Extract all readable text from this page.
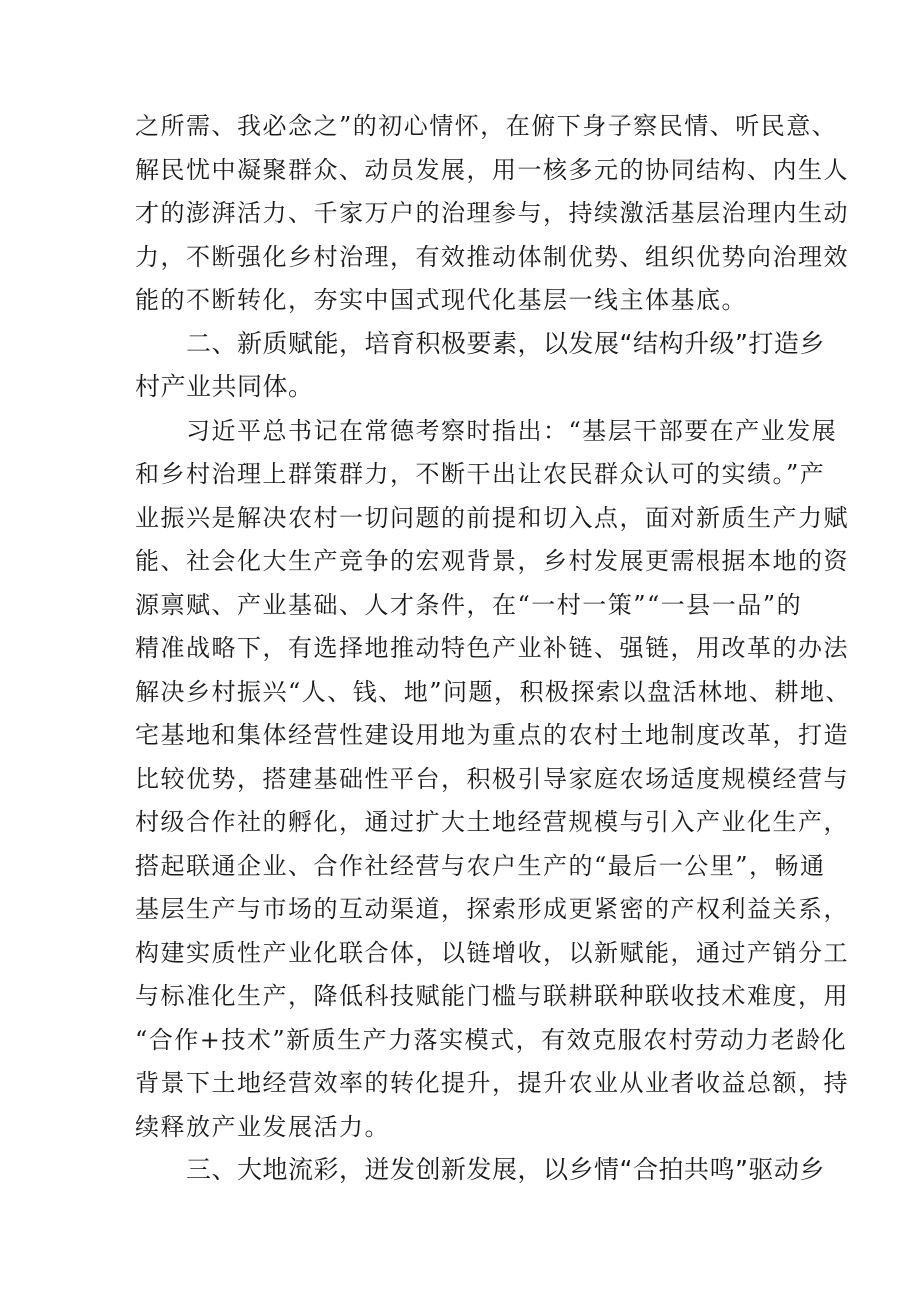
之所需、我必念之”的初心情怀，在俯下身子察民情、听民意、
解民忧中凝聚群众、动员发展，用一核多元的协同结构、内生人
才的澎湃活力、千家万户的治理参与，持续激活基层治理内生动
力，不断强化乡村治理，有效推动体制优势、组织优势向治理效
能的不断转化，夯实中国式现代化基层一线主体基底。
二、新质赋能，培育积极要素，以发展“结构升级”打造乡
村产业共同体。
习近平总书记在常德考察时指出：“基层干部要在产业发展
和乡村治理上群策群力，不断干出让农民群众认可的实绩。”产
业振兴是解决农村一切问题的前提和切入点，面对新质生产力赋
能、社会化大生产竞争的宏观背景，乡村发展更需根据本地的资
源禀赋、产业基础、人才条件，在“一村一策”“一县一品”的
精准战略下，有选择地推动特色产业补链、强链，用改革的办法
解决乡村振兴“人、钱、地”问题，积极探索以盘活林地、耕地、
宅基地和集体经营性建设用地为重点的农村土地制度改革，打造
比较优势，搭建基础性平台，积极引导家庭农场适度规模经营与
村级合作社的孵化，通过扩大土地经营规模与引入产业化生产，
搭起联通企业、合作社经营与农户生产的“最后一公里”，畅通
基层生产与市场的互动渠道，探索形成更紧密的产权利益关系，
构建实质性产业化联合体，以链增收，以新赋能，通过产销分工
与标准化生产，降低科技赋能门槛与联耕联种联收技术难度，用
“合作+技术”新质生产力落实模式，有效克服农村劳动力老龄化
背景下土地经营效率的转化提升，提升农业从业者收益总额，持
续释放产业发展活力。
三、大地流彩，迸发创新发展，以乡情“合拍共鸣”驱动乡
